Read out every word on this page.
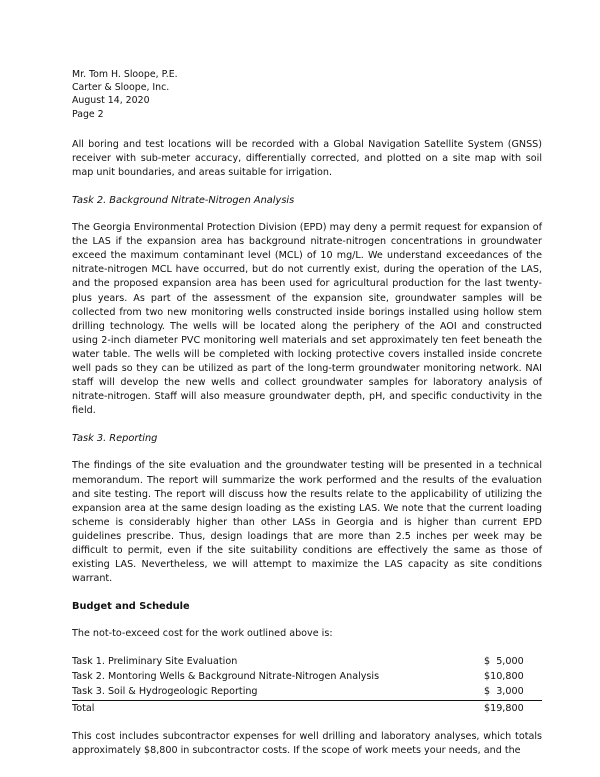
Mr. Tom H. Sloope, P.E.
Carter & Sloope, Inc.
August 14, 2020
Page 2

All boring and test locations will be recorded with a Global Navigation Satellite System (GNSS) receiver with sub-meter accuracy, differentially corrected, and plotted on a site map with soil map unit boundaries, and areas suitable for irrigation.

Task 2. Background Nitrate-Nitrogen Analysis

The Georgia Environmental Protection Division (EPD) may deny a permit request for expansion of the LAS if the expansion area has background nitrate-nitrogen concentrations in groundwater exceed the maximum contaminant level (MCL) of 10 mg/L. We understand exceedances of the nitrate-nitrogen MCL have occurred, but do not currently exist, during the operation of the LAS, and the proposed expansion area has been used for agricultural production for the last twenty-plus years. As part of the assessment of the expansion site, groundwater samples will be collected from two new monitoring wells constructed inside borings installed using hollow stem drilling technology. The wells will be located along the periphery of the AOI and constructed using 2-inch diameter PVC monitoring well materials and set approximately ten feet beneath the water table. The wells will be completed with locking protective covers installed inside concrete well pads so they can be utilized as part of the long-term groundwater monitoring network. NAI staff will develop the new wells and collect groundwater samples for laboratory analysis of nitrate-nitrogen. Staff will also measure groundwater depth, pH, and specific conductivity in the field.

Task 3. Reporting

The findings of the site evaluation and the groundwater testing will be presented in a technical memorandum. The report will summarize the work performed and the results of the evaluation and site testing. The report will discuss how the results relate to the applicability of utilizing the expansion area at the same design loading as the existing LAS. We note that the current loading scheme is considerably higher than other LASs in Georgia and is higher than current EPD guidelines prescribe. Thus, design loadings that are more than 2.5 inches per week may be difficult to permit, even if the site suitability conditions are effectively the same as those of existing LAS. Nevertheless, we will attempt to maximize the LAS capacity as site conditions warrant.

Budget and Schedule

The not-to-exceed cost for the work outlined above is:

Task 1. Preliminary Site Evaluation	$  5,000
Task 2. Montoring Wells & Background Nitrate-Nitrogen Analysis	$10,800
Task 3. Soil & Hydrogeologic Reporting	$  3,000
Total	$19,800

This cost includes subcontractor expenses for well drilling and laboratory analyses, which totals approximately $8,800 in subcontractor costs. If the scope of work meets your needs, and the
